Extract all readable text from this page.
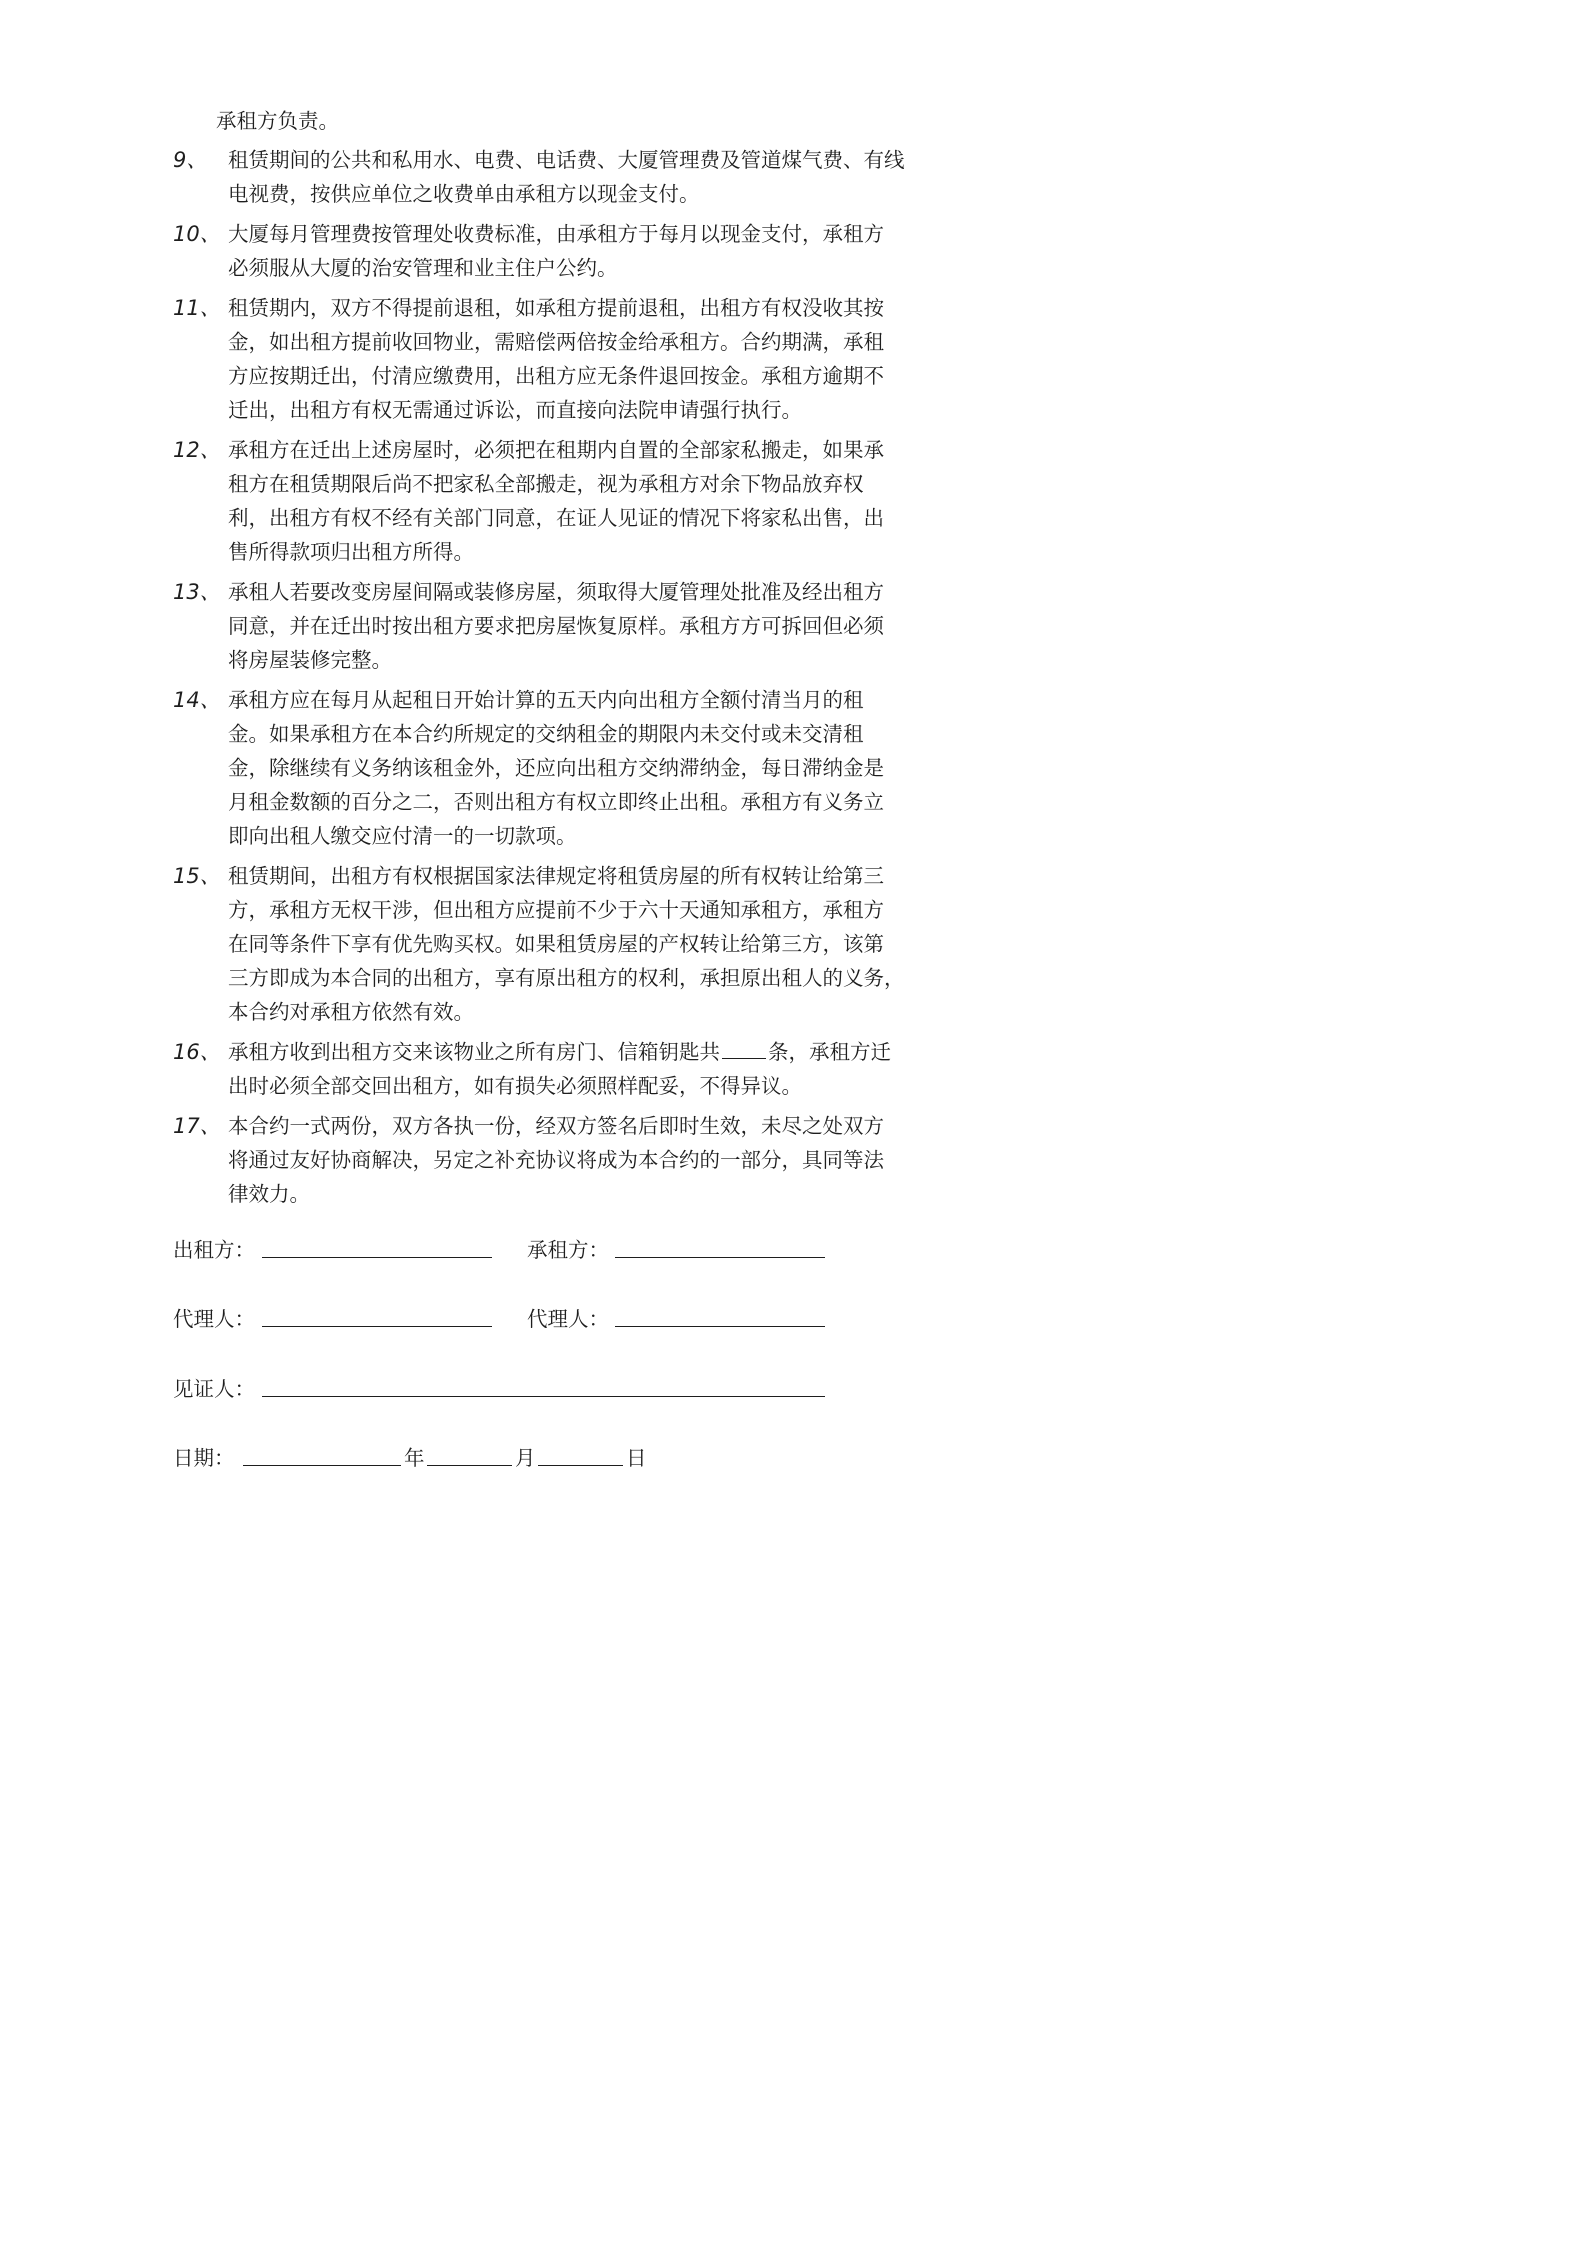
承租方负责。

9、 租赁期间的公共和私用水、电费、电话费、大厦管理费及管道煤气费、有线
电视费，按供应单位之收费单由承租方以现金支付。
10、 大厦每月管理费按管理处收费标准，由承租方于每月以现金支付，承租方
必须服从大厦的治安管理和业主住户公约。
11、 租赁期内，双方不得提前退租，如承租方提前退租，出租方有权没收其按
金，如出租方提前收回物业，需赔偿两倍按金给承租方。合约期满，承租
方应按期迁出，付清应缴费用，出租方应无条件退回按金。承租方逾期不
迁出，出租方有权无需通过诉讼，而直接向法院申请强行执行。
12、 承租方在迁出上述房屋时，必须把在租期内自置的全部家私搬走，如果承
租方在租赁期限后尚不把家私全部搬走，视为承租方对余下物品放弃权
利，出租方有权不经有关部门同意，在证人见证的情况下将家私出售，出
售所得款项归出租方所得。
13、 承租人若要改变房屋间隔或装修房屋，须取得大厦管理处批准及经出租方
同意，并在迁出时按出租方要求把房屋恢复原样。承租方方可拆回但必须
将房屋装修完整。
14、 承租方应在每月从起租日开始计算的五天内向出租方全额付清当月的租
金。如果承租方在本合约所规定的交纳租金的期限内未交付或未交清租
金，除继续有义务纳该租金外，还应向出租方交纳滞纳金，每日滞纳金是
月租金数额的百分之二，否则出租方有权立即终止出租。承租方有义务立
即向出租人缴交应付清一的一切款项。
15、 租赁期间，出租方有权根据国家法律规定将租赁房屋的所有权转让给第三
方，承租方无权干涉，但出租方应提前不少于六十天通知承租方，承租方
在同等条件下享有优先购买权。如果租赁房屋的产权转让给第三方，该第
三方即成为本合同的出租方，享有原出租方的权利，承担原出租人的义务，
本合约对承租方依然有效。
16、 承租方收到出租方交来该物业之所有房门、信箱钥匙共 条，承租方迁
出时必须全部交回出租方，如有损失必须照样配妥，不得异议。
17、 本合约一式两份，双方各执一份，经双方签名后即时生效，未尽之处双方
将通过友好协商解决，另定之补充协议将成为本合约的一部分，具同等法
律效力。
出租方：	承租方：
代理人：	代理人：
见证人：
日期：	年	月	日
